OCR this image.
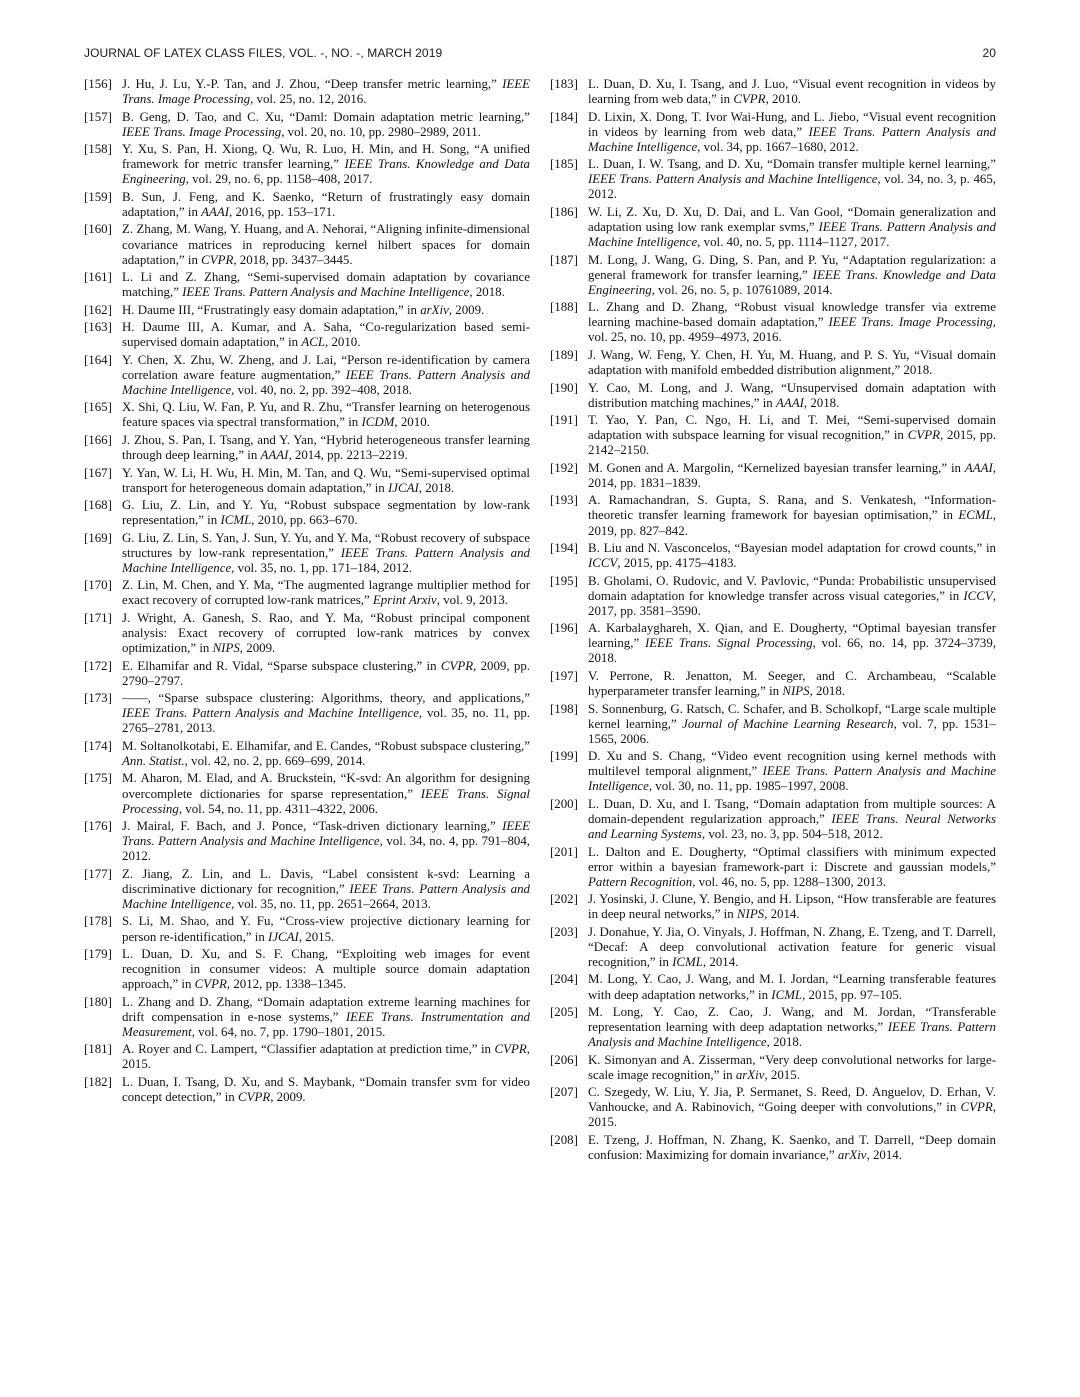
JOURNAL OF LATEX CLASS FILES, VOL. -, NO. -, MARCH 2019	20
[156] J. Hu, J. Lu, Y.-P. Tan, and J. Zhou, “Deep transfer metric learning,” IEEE Trans. Image Processing, vol. 25, no. 12, 2016.
[157] B. Geng, D. Tao, and C. Xu, “Daml: Domain adaptation metric learning,” IEEE Trans. Image Processing, vol. 20, no. 10, pp. 2980–2989, 2011.
[158] Y. Xu, S. Pan, H. Xiong, Q. Wu, R. Luo, H. Min, and H. Song, “A unified framework for metric transfer learning,” IEEE Trans. Knowledge and Data Engineering, vol. 29, no. 6, pp. 1158–408, 2017.
[159] B. Sun, J. Feng, and K. Saenko, “Return of frustratingly easy domain adaptation,” in AAAI, 2016, pp. 153–171.
[160] Z. Zhang, M. Wang, Y. Huang, and A. Nehorai, “Aligning infinite-dimensional covariance matrices in reproducing kernel hilbert spaces for domain adaptation,” in CVPR, 2018, pp. 3437–3445.
[161] L. Li and Z. Zhang, “Semi-supervised domain adaptation by covariance matching,” IEEE Trans. Pattern Analysis and Machine Intelligence, 2018.
[162] H. Daume III, “Frustratingly easy domain adaptation,” in arXiv, 2009.
[163] H. Daume III, A. Kumar, and A. Saha, “Co-regularization based semi-supervised domain adaptation,” in ACL, 2010.
[164] Y. Chen, X. Zhu, W. Zheng, and J. Lai, “Person re-identification by camera correlation aware feature augmentation,” IEEE Trans. Pattern Analysis and Machine Intelligence, vol. 40, no. 2, pp. 392–408, 2018.
[165] X. Shi, Q. Liu, W. Fan, P. Yu, and R. Zhu, “Transfer learning on heterogenous feature spaces via spectral transformation,” in ICDM, 2010.
[166] J. Zhou, S. Pan, I. Tsang, and Y. Yan, “Hybrid heterogeneous transfer learning through deep learning,” in AAAI, 2014, pp. 2213–2219.
[167] Y. Yan, W. Li, H. Wu, H. Min, M. Tan, and Q. Wu, “Semi-supervised optimal transport for heterogeneous domain adaptation,” in IJCAI, 2018.
[168] G. Liu, Z. Lin, and Y. Yu, “Robust subspace segmentation by low-rank representation,” in ICML, 2010, pp. 663–670.
[169] G. Liu, Z. Lin, S. Yan, J. Sun, Y. Yu, and Y. Ma, “Robust recovery of subspace structures by low-rank representation,” IEEE Trans. Pattern Analysis and Machine Intelligence, vol. 35, no. 1, pp. 171–184, 2012.
[170] Z. Lin, M. Chen, and Y. Ma, “The augmented lagrange multiplier method for exact recovery of corrupted low-rank matrices,” Eprint Arxiv, vol. 9, 2013.
[171] J. Wright, A. Ganesh, S. Rao, and Y. Ma, “Robust principal component analysis: Exact recovery of corrupted low-rank matrices by convex optimization,” in NIPS, 2009.
[172] E. Elhamifar and R. Vidal, “Sparse subspace clustering,” in CVPR, 2009, pp. 2790–2797.
[173] ——, “Sparse subspace clustering: Algorithms, theory, and applications,” IEEE Trans. Pattern Analysis and Machine Intelligence, vol. 35, no. 11, pp. 2765–2781, 2013.
[174] M. Soltanolkotabi, E. Elhamifar, and E. Candes, “Robust subspace clustering,” Ann. Statist., vol. 42, no. 2, pp. 669–699, 2014.
[175] M. Aharon, M. Elad, and A. Bruckstein, “K-svd: An algorithm for designing overcomplete dictionaries for sparse representation,” IEEE Trans. Signal Processing, vol. 54, no. 11, pp. 4311–4322, 2006.
[176] J. Mairal, F. Bach, and J. Ponce, “Task-driven dictionary learning,” IEEE Trans. Pattern Analysis and Machine Intelligence, vol. 34, no. 4, pp. 791–804, 2012.
[177] Z. Jiang, Z. Lin, and L. Davis, “Label consistent k-svd: Learning a discriminative dictionary for recognition,” IEEE Trans. Pattern Analysis and Machine Intelligence, vol. 35, no. 11, pp. 2651–2664, 2013.
[178] S. Li, M. Shao, and Y. Fu, “Cross-view projective dictionary learning for person re-identification,” in IJCAI, 2015.
[179] L. Duan, D. Xu, and S. F. Chang, “Exploiting web images for event recognition in consumer videos: A multiple source domain adaptation approach,” in CVPR, 2012, pp. 1338–1345.
[180] L. Zhang and D. Zhang, “Domain adaptation extreme learning machines for drift compensation in e-nose systems,” IEEE Trans. Instrumentation and Measurement, vol. 64, no. 7, pp. 1790–1801, 2015.
[181] A. Royer and C. Lampert, “Classifier adaptation at prediction time,” in CVPR, 2015.
[182] L. Duan, I. Tsang, D. Xu, and S. Maybank, “Domain transfer svm for video concept detection,” in CVPR, 2009.
[183] L. Duan, D. Xu, I. Tsang, and J. Luo, “Visual event recognition in videos by learning from web data,” in CVPR, 2010.
[184] D. Lixin, X. Dong, T. Ivor Wai-Hung, and L. Jiebo, “Visual event recognition in videos by learning from web data,” IEEE Trans. Pattern Analysis and Machine Intelligence, vol. 34, pp. 1667–1680, 2012.
[185] L. Duan, I. W. Tsang, and D. Xu, “Domain transfer multiple kernel learning,” IEEE Trans. Pattern Analysis and Machine Intelligence, vol. 34, no. 3, p. 465, 2012.
[186] W. Li, Z. Xu, D. Xu, D. Dai, and L. Van Gool, “Domain generalization and adaptation using low rank exemplar svms,” IEEE Trans. Pattern Analysis and Machine Intelligence, vol. 40, no. 5, pp. 1114–1127, 2017.
[187] M. Long, J. Wang, G. Ding, S. Pan, and P. Yu, “Adaptation regularization: a general framework for transfer learning,” IEEE Trans. Knowledge and Data Engineering, vol. 26, no. 5, p. 10761089, 2014.
[188] L. Zhang and D. Zhang, “Robust visual knowledge transfer via extreme learning machine-based domain adaptation,” IEEE Trans. Image Processing, vol. 25, no. 10, pp. 4959–4973, 2016.
[189] J. Wang, W. Feng, Y. Chen, H. Yu, M. Huang, and P. S. Yu, “Visual domain adaptation with manifold embedded distribution alignment,” 2018.
[190] Y. Cao, M. Long, and J. Wang, “Unsupervised domain adaptation with distribution matching machines,” in AAAI, 2018.
[191] T. Yao, Y. Pan, C. Ngo, H. Li, and T. Mei, “Semi-supervised domain adaptation with subspace learning for visual recognition,” in CVPR, 2015, pp. 2142–2150.
[192] M. Gonen and A. Margolin, “Kernelized bayesian transfer learning,” in AAAI, 2014, pp. 1831–1839.
[193] A. Ramachandran, S. Gupta, S. Rana, and S. Venkatesh, “Information-theoretic transfer learning framework for bayesian optimisation,” in ECML, 2019, pp. 827–842.
[194] B. Liu and N. Vasconcelos, “Bayesian model adaptation for crowd counts,” in ICCV, 2015, pp. 4175–4183.
[195] B. Gholami, O. Rudovic, and V. Pavlovic, “Punda: Probabilistic unsupervised domain adaptation for knowledge transfer across visual categories,” in ICCV, 2017, pp. 3581–3590.
[196] A. Karbalayghareh, X. Qian, and E. Dougherty, “Optimal bayesian transfer learning,” IEEE Trans. Signal Processing, vol. 66, no. 14, pp. 3724–3739, 2018.
[197] V. Perrone, R. Jenatton, M. Seeger, and C. Archambeau, “Scalable hyperparameter transfer learning,” in NIPS, 2018.
[198] S. Sonnenburg, G. Ratsch, C. Schafer, and B. Scholkopf, “Large scale multiple kernel learning,” Journal of Machine Learning Research, vol. 7, pp. 1531–1565, 2006.
[199] D. Xu and S. Chang, “Video event recognition using kernel methods with multilevel temporal alignment,” IEEE Trans. Pattern Analysis and Machine Intelligence, vol. 30, no. 11, pp. 1985–1997, 2008.
[200] L. Duan, D. Xu, and I. Tsang, “Domain adaptation from multiple sources: A domain-dependent regularization approach,” IEEE Trans. Neural Networks and Learning Systems, vol. 23, no. 3, pp. 504–518, 2012.
[201] L. Dalton and E. Dougherty, “Optimal classifiers with minimum expected error within a bayesian framework-part i: Discrete and gaussian models,” Pattern Recognition, vol. 46, no. 5, pp. 1288–1300, 2013.
[202] J. Yosinski, J. Clune, Y. Bengio, and H. Lipson, “How transferable are features in deep neural networks,” in NIPS, 2014.
[203] J. Donahue, Y. Jia, O. Vinyals, J. Hoffman, N. Zhang, E. Tzeng, and T. Darrell, “Decaf: A deep convolutional activation feature for generic visual recognition,” in ICML, 2014.
[204] M. Long, Y. Cao, J. Wang, and M. I. Jordan, “Learning transferable features with deep adaptation networks,” in ICML, 2015, pp. 97–105.
[205] M. Long, Y. Cao, Z. Cao, J. Wang, and M. Jordan, “Transferable representation learning with deep adaptation networks,” IEEE Trans. Pattern Analysis and Machine Intelligence, 2018.
[206] K. Simonyan and A. Zisserman, “Very deep convolutional networks for large-scale image recognition,” in arXiv, 2015.
[207] C. Szegedy, W. Liu, Y. Jia, P. Sermanet, S. Reed, D. Anguelov, D. Erhan, V. Vanhoucke, and A. Rabinovich, “Going deeper with convolutions,” in CVPR, 2015.
[208] E. Tzeng, J. Hoffman, N. Zhang, K. Saenko, and T. Darrell, “Deep domain confusion: Maximizing for domain invariance,” arXiv, 2014.
